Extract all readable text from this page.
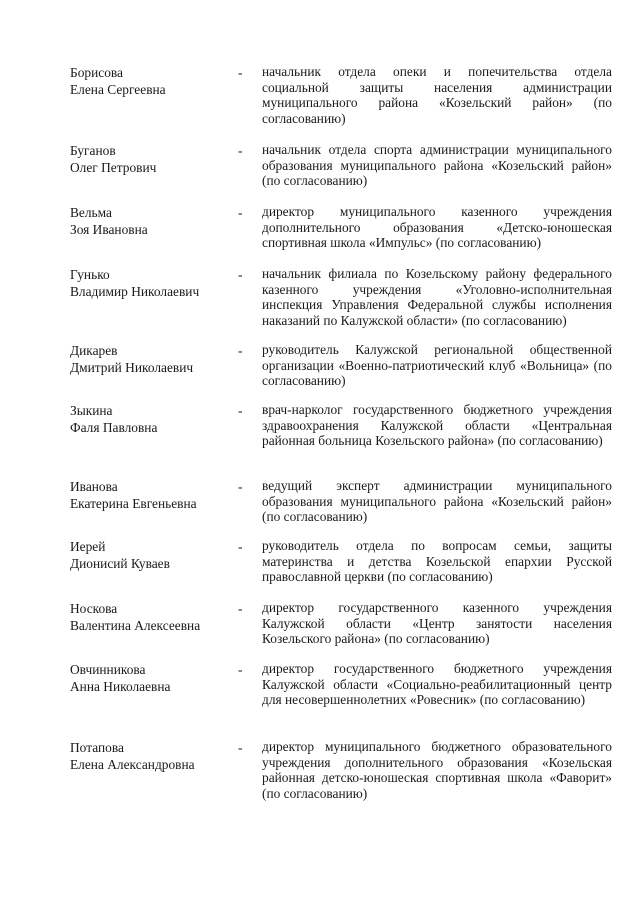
Борисова
Елена Сергеевна
- начальник отдела опеки и попечительства отдела социальной защиты населения администрации муниципального района «Козельский район» (по согласованию)
Буганов
Олег Петрович
- начальник отдела спорта администрации муниципального образования муниципального района «Козельский район» (по согласованию)
Вельма
Зоя Ивановна
- директор муниципального казенного учреждения дополнительного образования «Детско-юношеская спортивная школа «Импульс» (по согласованию)
Гунько
Владимир Николаевич
- начальник филиала по Козельскому району федерального казенного учреждения «Уголовно-исполнительная инспекция Управления Федеральной службы исполнения наказаний по Калужской области» (по согласованию)
Дикарев
Дмитрий Николаевич
- руководитель Калужской региональной общественной организации «Военно-патриотический клуб «Вольница» (по согласованию)
Зыкина
Фаля Павловна
- врач-нарколог государственного бюджетного учреждения здравоохранения Калужской области «Центральная районная больница Козельского района» (по согласованию)
Иванова
Екатерина Евгеньевна
- ведущий эксперт администрации муниципального образования муниципального района «Козельский район» (по согласованию)
Иерей
Дионисий Куваев
- руководитель отдела по вопросам семьи, защиты материнства и детства Козельской епархии Русской православной церкви (по согласованию)
Носкова
Валентина Алексеевна
- директор государственного казенного учреждения Калужской области «Центр занятости населения Козельского района» (по согласованию)
Овчинникова
Анна Николаевна
- директор государственного бюджетного учреждения Калужской области «Социально-реабилитационный центр для несовершеннолетних «Ровесник» (по согласованию)
Потапова
Елена Александровна
- директор муниципального бюджетного образовательного учреждения дополнительного образования «Козельская районная детско-юношеская спортивная школа «Фаворит» (по согласованию)
